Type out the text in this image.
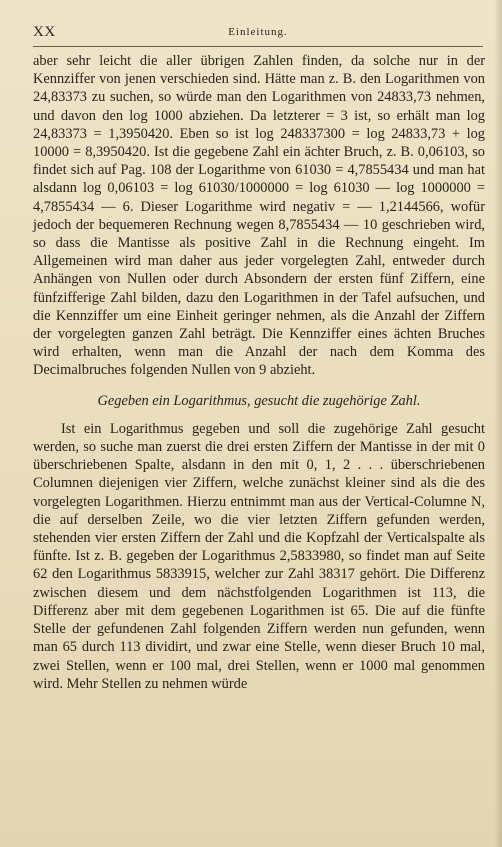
XX	Einleitung.

aber sehr leicht die aller übrigen Zahlen finden, da solche nur in der Kennziffer von jenen verschieden sind. Hätte man z. B. den Logarithmen von 24,83373 zu suchen, so würde man den Logarithmen von 24833,73 nehmen, und davon den log 1000 abziehen. Da letzterer = 3 ist, so erhält man log 24,83373 = 1,3950420. Eben so ist log 248337300 = log 24833,73 + log 10000 = 8,3950420. Ist die gegebene Zahl ein ächter Bruch, z. B. 0,06103, so findet sich auf Pag. 108 der Logarithme von 61030 = 4,7855434 und man hat alsdann log 0,06103 = log 61030/1000000 = log 61030 — log 1000000 = 4,7855434 — 6. Dieser Logarithme wird negativ = — 1,2144566, wofür jedoch der bequemeren Rechnung wegen 8,7855434 — 10 geschrieben wird, so dass die Mantisse als positive Zahl in die Rechnung eingeht. Im Allgemeinen wird man daher aus jeder vorgelegten Zahl, entweder durch Anhängen von Nullen oder durch Absondern der ersten fünf Ziffern, eine fünfzifferige Zahl bilden, dazu den Logarithmen in der Tafel aufsuchen, und die Kennziffer um eine Einheit geringer nehmen, als die Anzahl der Ziffern der vorgelegten ganzen Zahl beträgt. Die Kennziffer eines ächten Bruches wird erhalten, wenn man die Anzahl der nach dem Komma des Decimalbruches folgenden Nullen von 9 abzieht.

Gegeben ein Logarithmus, gesucht die zugehörige Zahl.

Ist ein Logarithmus gegeben und soll die zugehörige Zahl gesucht werden, so suche man zuerst die drei ersten Ziffern der Mantisse in der mit 0 überschriebenen Spalte, alsdann in den mit 0, 1, 2 . . . überschriebenen Columnen diejenigen vier Ziffern, welche zunächst kleiner sind als die des vorgelegten Logarithmen. Hierzu entnimmt man aus der Vertical-Columne N, die auf derselben Zeile, wo die vier letzten Ziffern gefunden werden, stehenden vier ersten Ziffern der Zahl und die Kopfzahl der Verticalspalte als fünfte. Ist z. B. gegeben der Logarithmus 2,5833980, so findet man auf Seite 62 den Logarithmus 5833915, welcher zur Zahl 38317 gehört. Die Differenz zwischen diesem und dem nächstfolgenden Logarithmen ist 113, die Differenz aber mit dem gegebenen Logarithmen ist 65. Die auf die fünfte Stelle der gefundenen Zahl folgenden Ziffern werden nun gefunden, wenn man 65 durch 113 dividirt, und zwar eine Stelle, wenn dieser Bruch 10 mal, zwei Stellen, wenn er 100 mal, drei Stellen, wenn er 1000 mal genommen wird. Mehr Stellen zu nehmen würde
